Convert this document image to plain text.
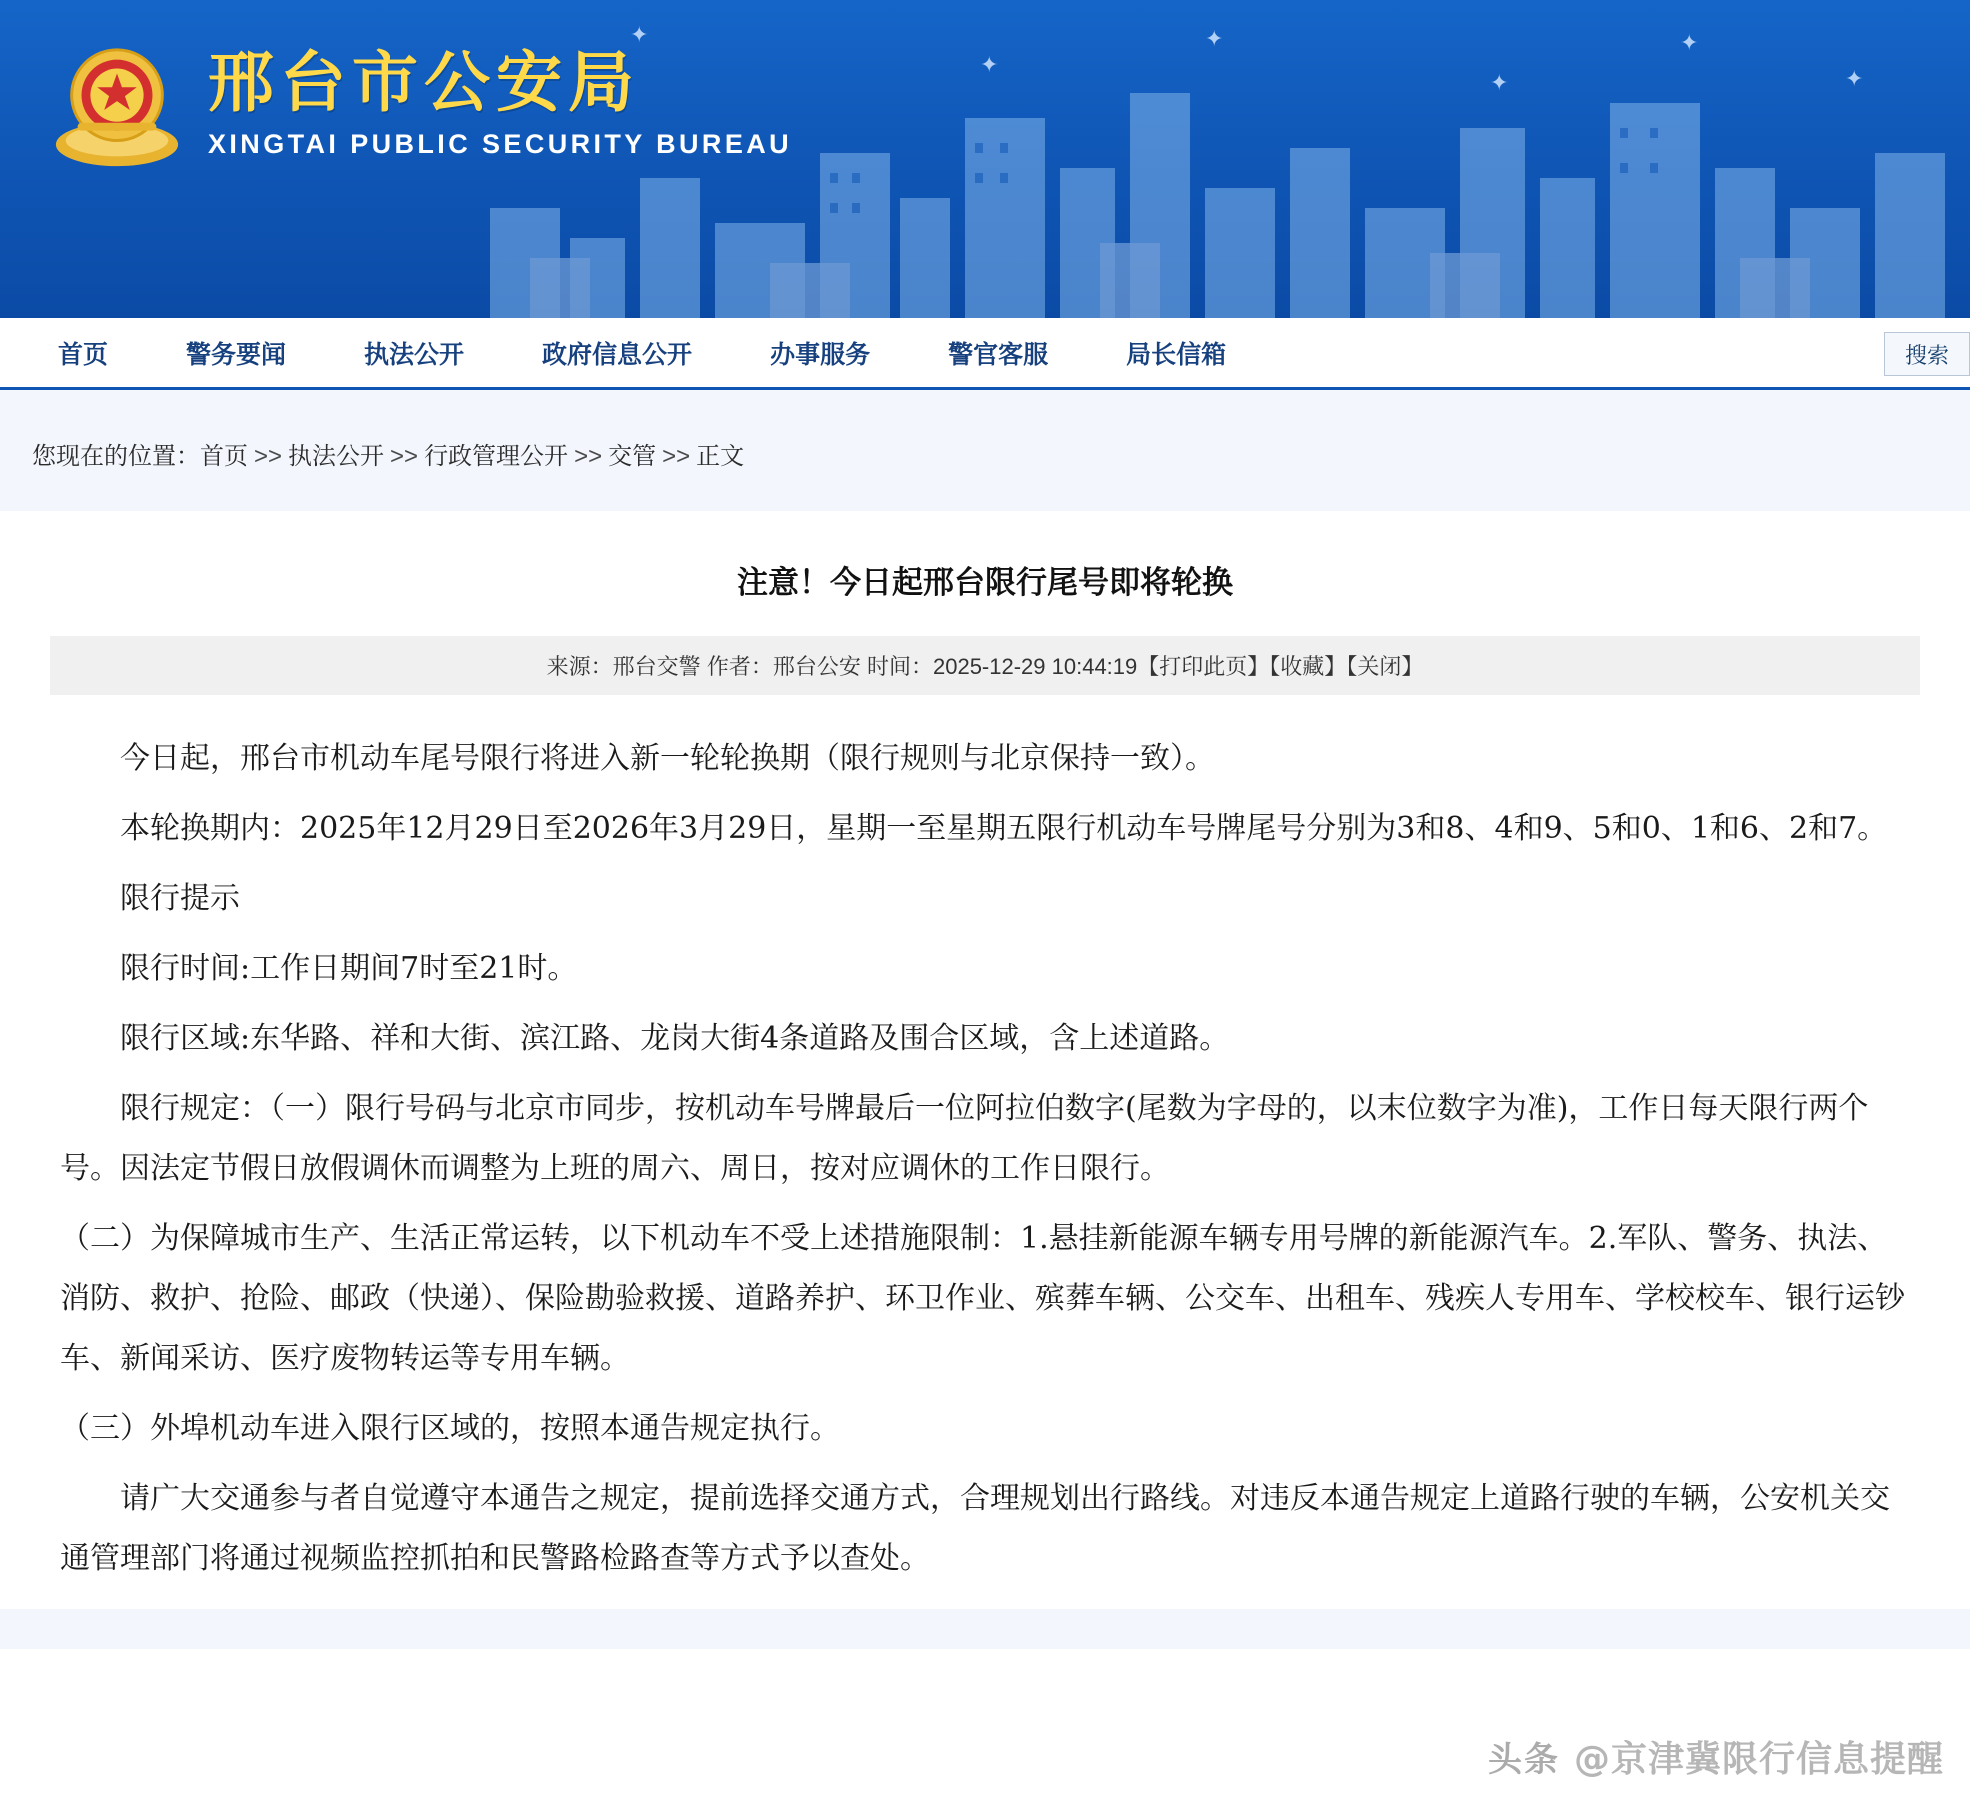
✦
✦
✦
✦
✦
✦
邢台市公安局
XINGTAI PUBLIC SECURITY BUREAU
首页	警务要闻	执法公开	政府信息公开	办事服务	警官客服	局长信箱	搜索
您现在的位置：首页 >> 执法公开 >> 行政管理公开 >> 交管 >> 正文
注意！今日起邢台限行尾号即将轮换
来源：邢台交警 作者：邢台公安 时间：2025-12-29 10:44:19【打印此页】【收藏】【关闭】

今日起，邢台市机动车尾号限行将进入新一轮轮换期（限行规则与北京保持一致）。

本轮换期内：2025年12月29日至2026年3月29日，星期一至星期五限行机动车号牌尾号分别为3和8、4和9、5和0、1和6、2和7。

限行提示

限行时间:工作日期间7时至21时。

限行区域:东华路、祥和大街、滨江路、龙岗大街4条道路及围合区域，含上述道路。

限行规定：（一）限行号码与北京市同步，按机动车号牌最后一位阿拉伯数字(尾数为字母的，以末位数字为准)，工作日每天限行两个号。因法定节假日放假调休而调整为上班的周六、周日，按对应调休的工作日限行。

（二）为保障城市生产、生活正常运转，以下机动车不受上述措施限制：1.悬挂新能源车辆专用号牌的新能源汽车。2.军队、警务、执法、消防、救护、抢险、邮政（快递）、保险勘验救援、道路养护、环卫作业、殡葬车辆、公交车、出租车、残疾人专用车、学校校车、银行运钞车、新闻采访、医疗废物转运等专用车辆。

（三）外埠机动车进入限行区域的，按照本通告规定执行。

请广大交通参与者自觉遵守本通告之规定，提前选择交通方式，合理规划出行路线。对违反本通告规定上道路行驶的车辆，公安机关交通管理部门将通过视频监控抓拍和民警路检路查等方式予以查处。

头条 @京津冀限行信息提醒
